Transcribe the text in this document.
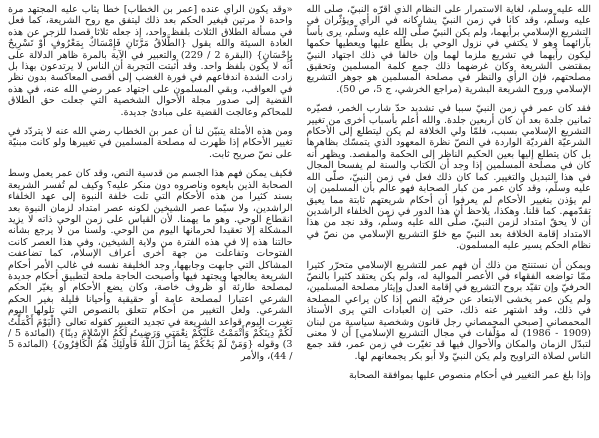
«وقد يكون الرأي عنده [عمر بن الخطاب] خطأ يثاب عليه المجتهد مرة واحدة لا مرتين فيغير الحكم بعد ذلك ليتفق مع روح الشريعة، كما فعل في مسألة الطلاق الثلاث بلفظ واحد، إذ جعله ثلاثا قصدا للزجر عن هذه العادة السيئة والله يقول {الطَّلاقُ مَرَّتَانِ فَإِمْسَاكٌ بِمَعْرُوفٍ أَوْ تَسْرِيحٌ بِإِحْسَانٍ} (البقرة 2 / 229) والتعبير في الآية بالمرة ظاهر الدلالة على أنه لا يكون بلفظ واحد. وقد أثبتت التجربة أن الناس لا يرتدعون بهذا بل زادت الشدة اندفاعهم في فورة الغضب إلى أقصى المعاكسة بدون نظر في العواقب، وبقي المسلمون على اجتهاد عمر رضي الله عنه، في هذه القضية إلى صدور مجلة الأحوال الشخصية التي جعلت حق الطلاق للمحاكم وعالجت القضية على مبادئ جديدة.

ومن هذه الأمثلة يتبيّن لنا أن عمر بن الخطاب رضي الله عنه لا يتردّد في تغيير الأحكام إذا ظهرت له مصلحة المسلمين في تغييرها ولو كانت مبنيّة على نصّ صريح ثابت.

فكيف يمكن فهم هذا الجسم من قدسية النص، وقد كان عمر يعمل وسط الصحابة الذين بايعوه وناصروه دون منكر عليه؟ وكيف لم تُفسر الشريعة بسند كثيرا من هذه الأحكام التي تلت خلفة النبوة إلى عهد الخلفاء الراشدين، ولا سيّما عصر الشيخين لكونه عصر امتداد لزمان النبوة بعد انقطاع الوحي. وهو ما يهمنا. لأن القياس على زمن الوحي ذاته لا يزيد المشكلة إلا تعقيدا لحرمانها اليوم من الوحي. ولسنا من لا يرجع بشأنه حالتنا هذه إلا في هذه الفترة من ولاية الشيخين، وفي هذا العصر كانت الفتوحات وتفاعلت من جهة أخرى أعراف الإسلام، كما تضاعفت المشاكل التي جابهت وجابهها، وجد الخليفة نفسه في غالب الأمر أحكام الشريعة يعالجها ويجتهد فيها وأصبحت الحاجة ملحة لتطبيق أحكام جديدة لمصلحة طارئة أو ظروف خاصة، وكان يضع الأحكام أو يغيّر الحكم الشرعي اعتبارا لمصلحة عامة أو حقيقية وأحيانا قليلة بغير الحكم الشرعي. ولعل التغيير من أحكام تتعلق بالنصوص التي تلولها اليوم تغيرت اليوم قواعد الشريعة في تجديد التعبير كقوله تعالى {الْيَوْمَ أَكْمَلْتُ لَكُمْ دِينَكُمْ وَأَتْمَمْتُ عَلَيْكُمْ نِعْمَتِي وَرَضِيتُ لَكُمُ الإِسْلامَ دِينًا} (المائدة 5 / 3) وقوله {وَمَنْ لَمْ يَحْكُمْ بِمَا أَنزَلَ اللَّهُ فَأُولَئِكَ هُمُ الْكَافِرُونَ} (المائدة 5 / 44)، والأمر

الله عليه وسلّم، لغاية الاستمرار على النظام الذي أقرّه النبيّ، صلّى الله عليه وسلّم، وقد كانا في زمن النبيّ يشاركانه في الرأي ويؤثّران في التشريع الإسلامي برأيهما، ولم يكن النبيّ صلّى الله عليه وسلّم، يرى بأساً بآرائهما وهو لا يكتفي في نزول الوحي بل يطّلع عليها ويعطيها حكمها ليكون رأيهما في تشريع ملزما لهما وإن خالفا في ذلك اجتهاد النبيّ بمقتضى الشريعة وكان غرضهما ذلك جمع كلمة المسلمين وتحقيق مصلحتهم، فإن الرأي والنظر في مصلحة المسلمين هو جوهر التشريع الإسلامي وروح الشريعة البشرية (مراجع الخرشي، ج 5، ص 50).

فقد كان عمر في زمن النبيّ سببا في تشديد حدّ شارب الخمر، فصيّره ثمانين جلدة بعد أن كان أربعين جلدة. والله أعلم بأسباب أخرى من تغيير التشريع الإسلامي بسبب، فلمّا ولي الخلافة لم يكن ليتطلع إلى الأحكام الشرعيّة الفرديّة الواردة في النصّ نظرة المعهود الذي يتمسّك بظاهرها بل كان يتطلع إليها بعين الحكيم الناظر إلى الحكمة والمقصد. ويظهر أنه كان في مصلحة المسلمين إذا وجد أن الكتاب والسنة لم يفسحا المجال في هذا التبديل والتغيير. كما كان ذلك فعل في زمن النبيّ، صلّى الله عليه وسلّم، وقد كان عمر من كبار الصحابة فهو عالم بأن المسلمين إن لم يؤذن بتغيير الأحكام لم يعرفوا أن أحكام شريعتهم ثابتة مما يعيق تقدّمهم. كما قلنا. وهكذا، يلاحظ أن هذا الدور في زمن الخلفاء الراشدين أن لا يحقّ امتداد لزمن النبيّ، صلّى الله عليه وسلّم، وقد نجد من هذا الامتداد إقامة الخلافة بعد النبيّ مع خلوّ التشريع الإسلامي من نصّ في نظام الحكم يسير عليه المسلمون.

ويمكن أن نستنتج من ذلك أن فهم عمر للتشريع الإسلامي متحرّر كثيرا ممّا تواضعه الفقهاء في الأعصر الموالية له، ولم يكن يعتقد كثيرا بالنصّ الحرفيّ وإن تقيّد بروح التشريع في إقامة العدل وإيثار مصلحة المسلمين، ولم يكن عمر يخشى الابتعاد عن حرفيّة النص إذا كان يراعي المصلحة في ذلك، وقد اشتهر عنه ذلك، حتى إن العبادات التي يرى الأستاذ المحمصاني [صبحي المحمصاني رجل قانون وشخصية سياسية من لبنان (1909 - 1986) له مؤلّفات في مجال التشريع الإسلامي] أن لا معنى لتبدّل الزمان والمكان والأحوال فيها قد تغيّرت في زمن عمر، فقد جمع الناس لصلاة التراويح ولم يكن النبيّ ولا أبو بكر يجمعانهم لها.

وإذا بلغ عمر التغيير في أحكام منصوص عليها بموافقة الصحابة
